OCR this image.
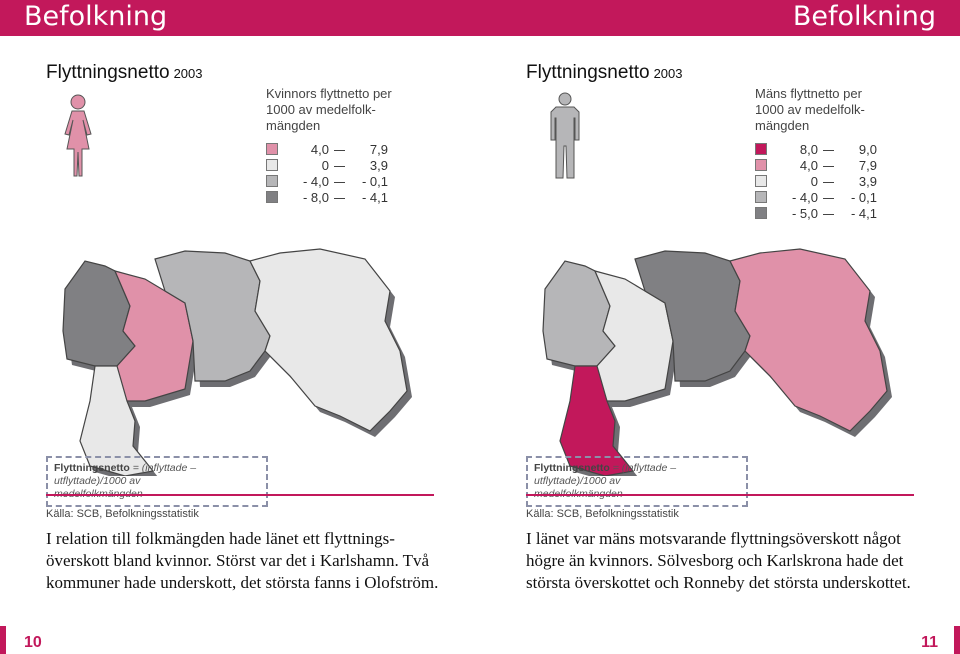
Befolkning	Befolkning
Flyttningsnetto 2003
Kvinnors flyttnetto per
1000 av medelfolk-
mängden
4,0	7,9
0	3,9
- 4,0	- 0,1
- 8,0	- 4,1
Flyttningsnetto = (inflyttade – utflyttade)/1000 av

Källa: SCB, Befolkningsstatistik
I relation till folkmängden hade länet ett flyttnings-överskott bland kvinnor. Störst var det i Karlshamn. Två kommuner hade underskott, det största fanns i Olofström.
10
Flyttningsnetto 2003
Mäns flyttnetto per
1000 av medelfolk-
mängden
8,0	9,0
4,0	7,9
0	3,9
- 4,0	- 0,1
- 5,0	- 4,1
Flyttningsnetto = (inflyttade – utflyttade)/1000 av

Källa: SCB, Befolkningsstatistik
I länet var mäns motsvarande flyttningsöverskott något högre än kvinnors. Sölvesborg och Karlskrona hade det största överskottet och Ronneby det största underskottet.
11
